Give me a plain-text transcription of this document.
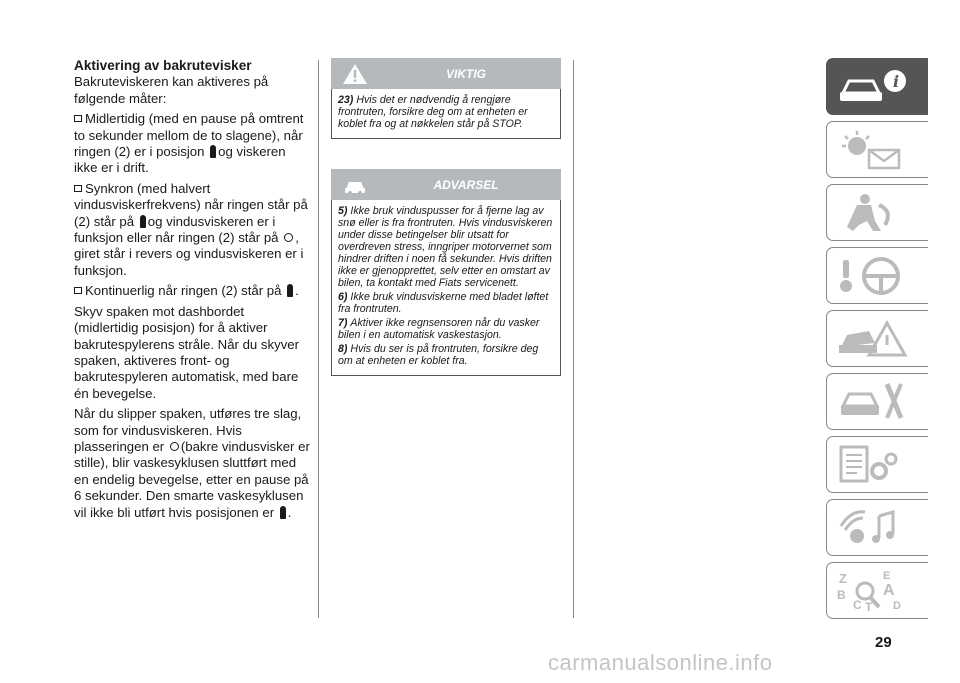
Aktivering av bakrutevisker

Bakruteviskeren kan aktiveres på følgende måter:

Midlertidig (med en pause på omtrent to sekunder mellom de to slagene), når ringen (2) er i posisjon og viskeren ikke er i drift.

Synkron (med halvert vindusviskerfrekvens) når ringen står på (2) står på og vindusviskeren er i funksjon eller når ringen (2) står på , giret står i revers og vindusviskeren er i funksjon.

Kontinuerlig når ringen (2) står på .

Skyv spaken mot dashbordet (midlertidig posisjon) for å aktiver bakrutespylerens stråle. Når du skyver spaken, aktiveres front- og bakrutespyleren automatisk, med bare én bevegelse.

Når du slipper spaken, utføres tre slag, som for vindusviskeren. Hvis plasseringen er (bakre vindusvisker er stille), blir vaskesyklusen sluttført med en endelig bevegelse, etter en pause på 6 sekunder. Den smarte vaskesyklusen vil ikke bli utført hvis posisjonen er .

VIKTIG

23) Hvis det er nødvendig å rengjøre frontruten, forsikre deg om at enheten er koblet fra og at nøkkelen står på STOP.

ADVARSEL

5) Ikke bruk vinduspusser for å fjerne lag av snø eller is fra frontruten. Hvis vindusviskeren under disse betingelser blir utsatt for overdreven stress, inngriper motorvernet som hindrer driften i noen få sekunder. Hvis driften ikke er gjenopprettet, selv etter en omstart av bilen, ta kontakt med Fiats servicenett.

6) Ikke bruk vindusviskerne med bladet løftet fra frontruten.

7) Aktiver ikke regnsensoren når du vasker bilen i en automatisk vaskestasjon.

8) Hvis du ser is på frontruten, forsikre deg om at enheten er koblet fra.

i
Z	E
A
B
C T D
29
carmanualsonline.info
